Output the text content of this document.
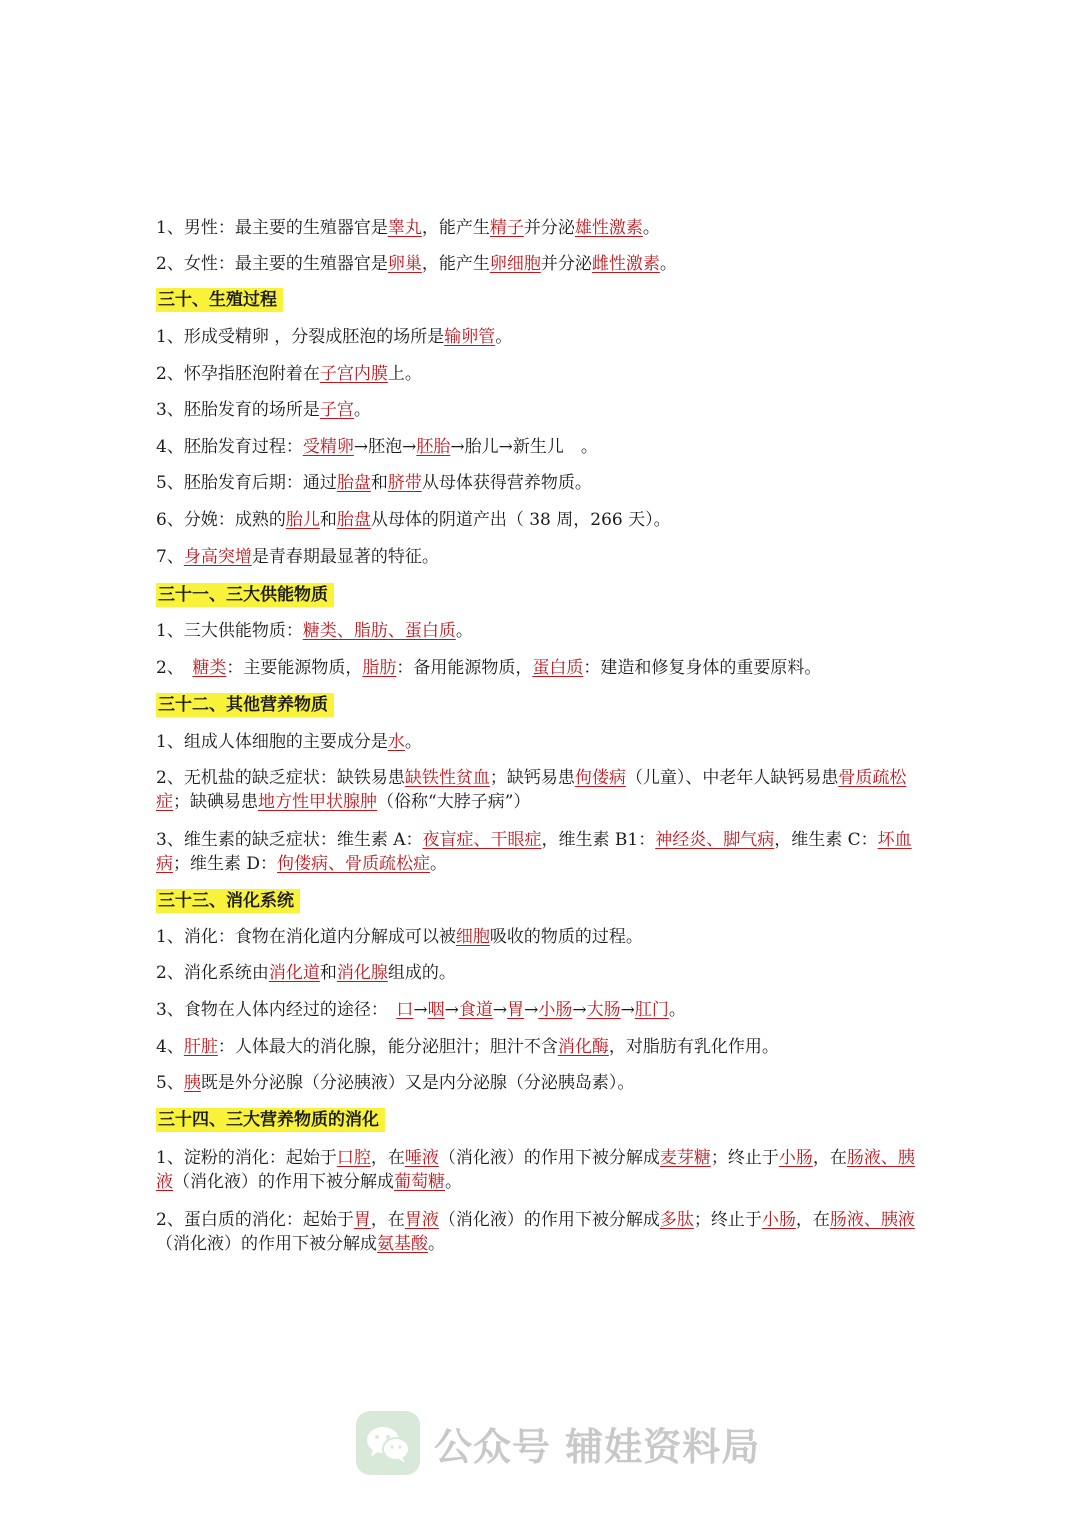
1、男性：最主要的生殖器官是睾丸，能产生精子并分泌雄性激素。
2、女性：最主要的生殖器官是卵巢，能产生卵细胞并分泌雌性激素。
三十、生殖过程
1、形成受精卵 ，分裂成胚泡的场所是输卵管。
2、怀孕指胚泡附着在子宫内膜上。
3、胚胎发育的场所是子宫。
4、胚胎发育过程：受精卵→胚泡→胚胎→胎儿→新生儿　。
5、胚胎发育后期：通过胎盘和脐带从母体获得营养物质。
6、分娩：成熟的胎儿和胎盘从母体的阴道产出（ 38 周，266 天）。
7、身高突增是青春期最显著的特征。
三十一、三大供能物质
1、三大供能物质：糖类、脂肪、蛋白质。
2、　糖类：主要能源物质，脂肪：备用能源物质，蛋白质：建造和修复身体的重要原料。
三十二、其他营养物质
1、组成人体细胞的主要成分是水。
2、无机盐的缺乏症状：缺铁易患缺铁性贫血；缺钙易患佝偻病（儿童）、中老年人缺钙易患骨质疏松症；缺碘易患地方性甲状腺肿（俗称“大脖子病”）
3、维生素的缺乏症状：维生素 A：夜盲症、干眼症，维生素 B1：神经炎、脚气病，维生素 C：坏血病；维生素 D：佝偻病、骨质疏松症。
三十三、消化系统
1、消化：食物在消化道内分解成可以被细胞吸收的物质的过程。
2、消化系统由消化道和消化腺组成的。
3、食物在人体内经过的途径：　口→咽→食道→胃→小肠→大肠→肛门。
4、肝脏：人体最大的消化腺，能分泌胆汁；胆汁不含消化酶，对脂肪有乳化作用。
5、胰既是外分泌腺（分泌胰液）又是内分泌腺（分泌胰岛素）。
三十四、三大营养物质的消化
1、淀粉的消化：起始于口腔，在唾液（消化液）的作用下被分解成麦芽糖；终止于小肠，在肠液、胰液（消化液）的作用下被分解成葡萄糖。
2、蛋白质的消化：起始于胃，在胃液（消化液）的作用下被分解成多肽；终止于小肠，在肠液、胰液（消化液）的作用下被分解成氨基酸。
公众号 辅娃资料局
